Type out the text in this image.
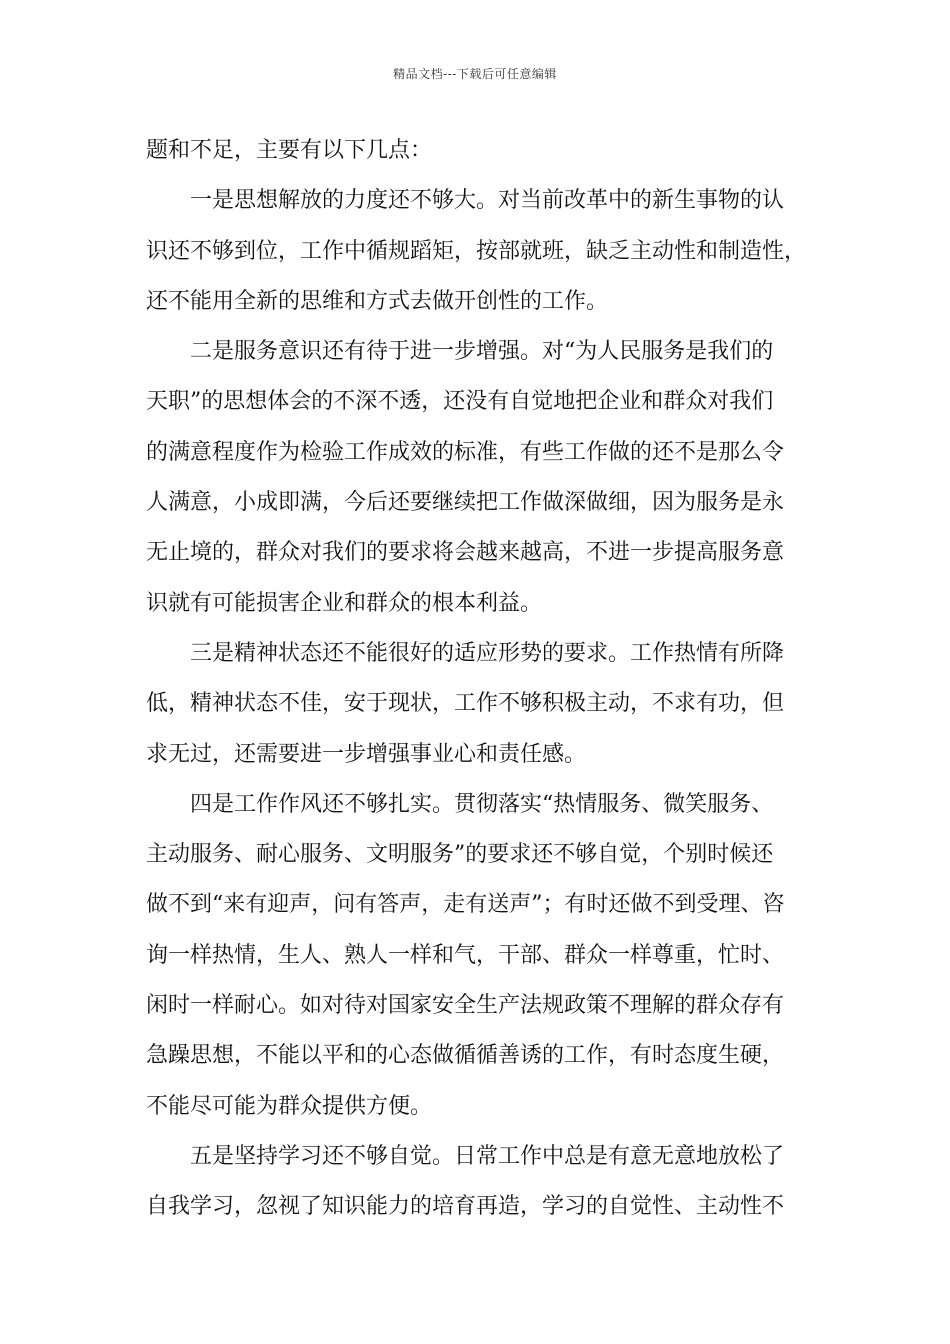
精品文档---下载后可任意编辑
题和不足，主要有以下几点：
一是思想解放的力度还不够大。对当前改革中的新生事物的认
识还不够到位，工作中循规蹈矩，按部就班，缺乏主动性和制造性，
还不能用全新的思维和方式去做开创性的工作。
二是服务意识还有待于进一步增强。对“为人民服务是我们的
天职”的思想体会的不深不透，还没有自觉地把企业和群众对我们
的满意程度作为检验工作成效的标准，有些工作做的还不是那么令
人满意，小成即满，今后还要继续把工作做深做细，因为服务是永
无止境的，群众对我们的要求将会越来越高，不进一步提高服务意
识就有可能损害企业和群众的根本利益。
三是精神状态还不能很好的适应形势的要求。工作热情有所降
低，精神状态不佳，安于现状，工作不够积极主动，不求有功，但
求无过，还需要进一步增强事业心和责任感。
四是工作作风还不够扎实。贯彻落实“热情服务、微笑服务、
主动服务、耐心服务、文明服务”的要求还不够自觉，个别时候还
做不到“来有迎声，问有答声，走有送声”；有时还做不到受理、咨
询一样热情，生人、熟人一样和气，干部、群众一样尊重，忙时、
闲时一样耐心。如对待对国家安全生产法规政策不理解的群众存有
急躁思想，不能以平和的心态做循循善诱的工作，有时态度生硬，
不能尽可能为群众提供方便。
五是坚持学习还不够自觉。日常工作中总是有意无意地放松了
自我学习，忽视了知识能力的培育再造，学习的自觉性、主动性不
